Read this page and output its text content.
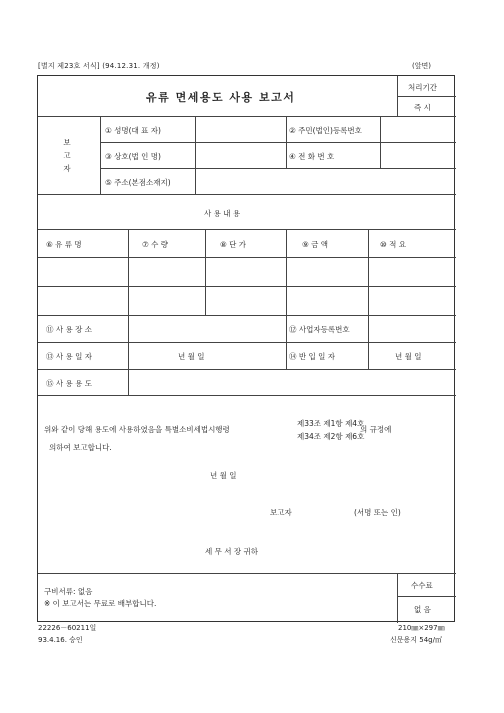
[별지 제23호 서식] (94.12.31. 개정)	(앞면)
유류 면세용도 사용 보고서
처리기간
즉 시
보고자
① 성명(대 표 자)	② 주민(법인)등록번호
③ 상호(법 인 명)	④ 전 화 번 호
⑤ 주소(본점소재지)
사 용 내 용
⑥ 유 류 명	⑦ 수 량	⑧ 단 가	⑨ 금 액	⑩ 적 요
⑪ 사 용 장 소	⑫ 사업자등록번호
⑬ 사 용 일 자	년 월 일	⑭ 반 입 일 자	년 월 일
⑮ 사 용 용 도
위와 같이 당해 용도에 사용하였음을 특별소비세법시행령
제33조 제1항 제4호
제34조 제2항 제6호
의 규정에
의하여 보고합니다.
년 월 일
보고자	(서명 또는 인)
세 무 서 장 귀하
구비서류: 없음
※ 이 보고서는 무료로 배부합니다.
수수료
없 음
22226－60211일
93.4.16. 승인
210㎜×297㎜
신문용지 54g/㎡
